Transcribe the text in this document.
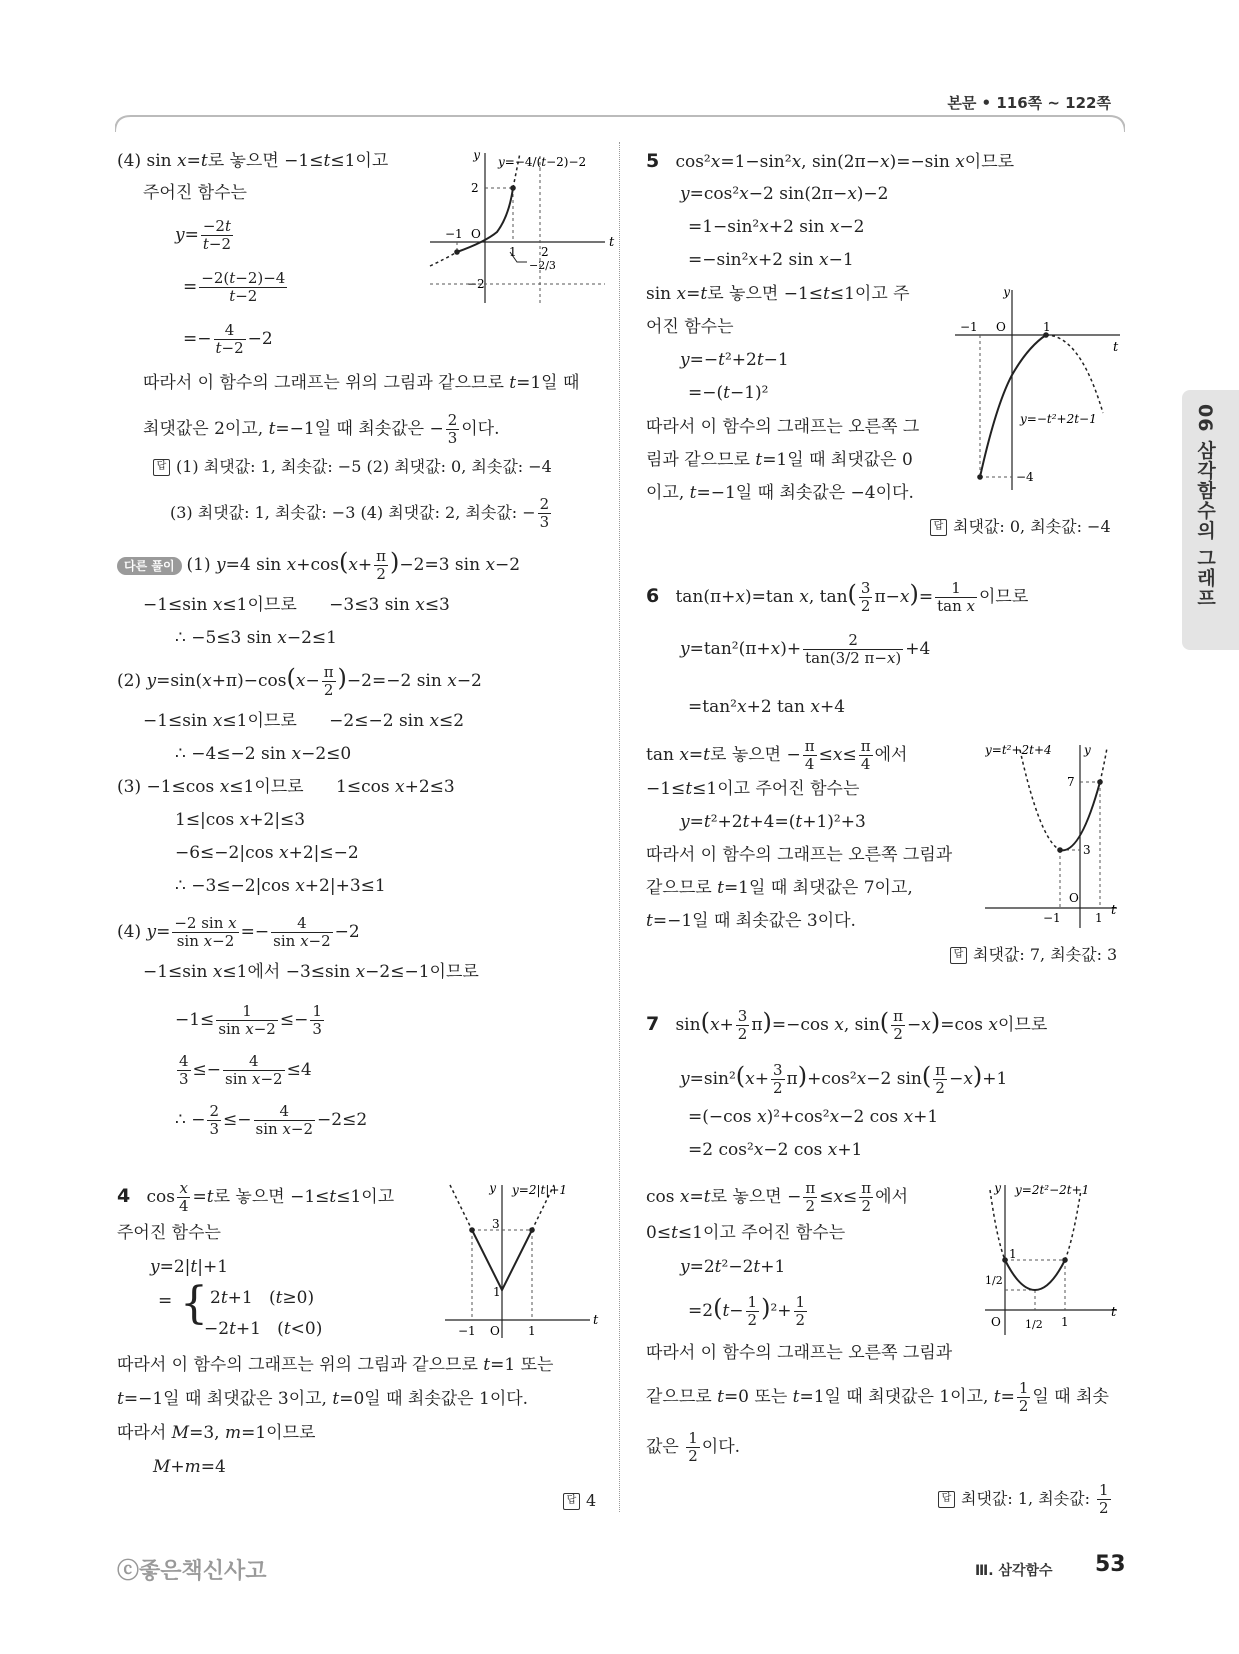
본문 • 116쪽 ~ 122쪽
06 삼각함수의 그래프
(4) sin x=t로 놓으면 −1≤t≤1이고
주어진 함수는
$y= \frac{-2t}{t-2}$
= $\frac{-2(t-2)-4}{t-2}$
=− $\frac{4}{t-2} -2$
따라서 이 함수의 그래프는 위의 그림과 같으므로 t=1일 때
최댓값은 2이고, t=−1일 때 최솟값은 − $\frac{2}{3}$ 이다.
답 (1) 최댓값: 1, 최솟값: −5 (2) 최댓값: 0, 최솟값: −4
(3) 최댓값: 1, 최솟값: −3 (4) 최댓값: 2, 최솟값: − $\frac{2}{3}$
다른 풀이 (1) y=4 $\sin x+\cos(x+ \frac{\pi}{2} )-2=3$ sin x−2
−1≤sin x≤1이므로      −3≤3 sin x≤3
∴ −5≤3 sin x−2≤1
(2) $y=\sin(x+\pi)-\cos(x- \frac{\pi}{2} )-2=-2$ sin x−2
−1≤sin x≤1이므로      −2≤−2 sin x≤2
∴ −4≤−2 sin x−2≤0
(3) −1≤cos x≤1이므로      1≤cos x+2≤3
1≤|cos x+2|≤3
−6≤−2|cos x+2|≤−2
∴ −3≤−2|cos x+2|+3≤1
(4) $y= \frac{\text{−2 sin x}}{\text{sin x−2}} =- \frac{4}{\text{sin x−2}} -2$
−1≤sin x≤1에서 −3≤sin x−2≤−1이므로
$-1\le \frac{1}{\text{sin x−2}} \le- \frac{1}{3}$
$\frac{4}{3} \le- \frac{4}{\text{sin x−2}} \le 4$
∴ − $\frac{2}{3} \le- \frac{4}{\text{sin x−2}} -2\le 2$
4   $\cos \frac{x}{4} =t$로 놓으면 −1≤t≤1이고
주어진 함수는
y=2|t|+1
= { 2t+1   (t≥0)
−2t+1   (t<0)
따라서 이 함수의 그래프는 위의 그림과 같으므로 t=1 또는
t=−1일 때 최댓값은 3이고, t=0일 때 최솟값은 1이다.
따라서 M=3, m=1이므로
M+m=4
답 4
t
y y=−4/(t−2)−2
−1 O
1 2
2
−2
−2/3
t
y y=2|t|+1
−1 O 1
3
1
5   cos²x=1−sin²x, sin(2π−x)=−sin x이므로
y=cos²x−2 sin(2π−x)−2
=1−sin²x+2 sin x−2
=−sin²x+2 sin x−1
sin x=t로 놓으면 −1≤t≤1이고 주
어진 함수는
y=−t²+2t−1
=−(t−1)²
따라서 이 함수의 그래프는 오른쪽 그
림과 같으므로 t=1일 때 최댓값은 0
이고, t=−1일 때 최솟값은 −4이다.
답 최댓값: 0, 최솟값: −4
6   tan(π+x)=tan x, $\tan( \frac{3}{2} \pi-x)= \frac{1}{\text{tan x}}$ 이므로
$y=\tan^2(\pi+x)+ \frac{2}{\tan(3/2 \pi-x)} +4$
=tan²x+2 tan x+4
tan x=t로 놓으면 − $\frac{\pi}{4} \le x\le \frac{\pi}{4}$ 에서
−1≤t≤1이고 주어진 함수는
y=t²+2t+4=(t+1)²+3
따라서 이 함수의 그래프는 오른쪽 그림과
같으므로 t=1일 때 최댓값은 7이고,
t=−1일 때 최솟값은 3이다.
답 최댓값: 7, 최솟값: 3
7   $\sin(x+ \frac{3}{2} \pi)=-\cos$ x, $\sin( \frac{\pi}{2} -x)=\cos$ x이므로
$y=\sin^2(x+ \frac{3}{2} \pi)+\cos^2x-2$ $\sin( \frac{\pi}{2} -x)+1$
=(−cos x)²+cos²x−2 cos x+1
=2 cos²x−2 cos x+1
cos x=t로 놓으면 − $\frac{\pi}{2} \le x\le \frac{\pi}{2}$ 에서
0≤t≤1이고 주어진 함수는
y=2t²−2t+1
$=2(t- \frac{1}{2} )^2+ \frac{1}{2}$
따라서 이 함수의 그래프는 오른쪽 그림과
같으므로 t=0 또는 t=1일 때 최댓값은 1이고, $t= \frac{1}{2}$ 일 때 최솟
값은 $\frac{1}{2}$ 이다.
답 최댓값: 1, 최솟값: $\frac{1}{2}$
t
y
y=−t²+2t−1
−1 O	1
−4
t
y
y=t²+2t+4
−1
O
1
7
3
t
y y=2t²−2t+1
O 1/2 1
1
1/2
ⓒ좋은책신사고	Ⅲ. 삼각함수 53
